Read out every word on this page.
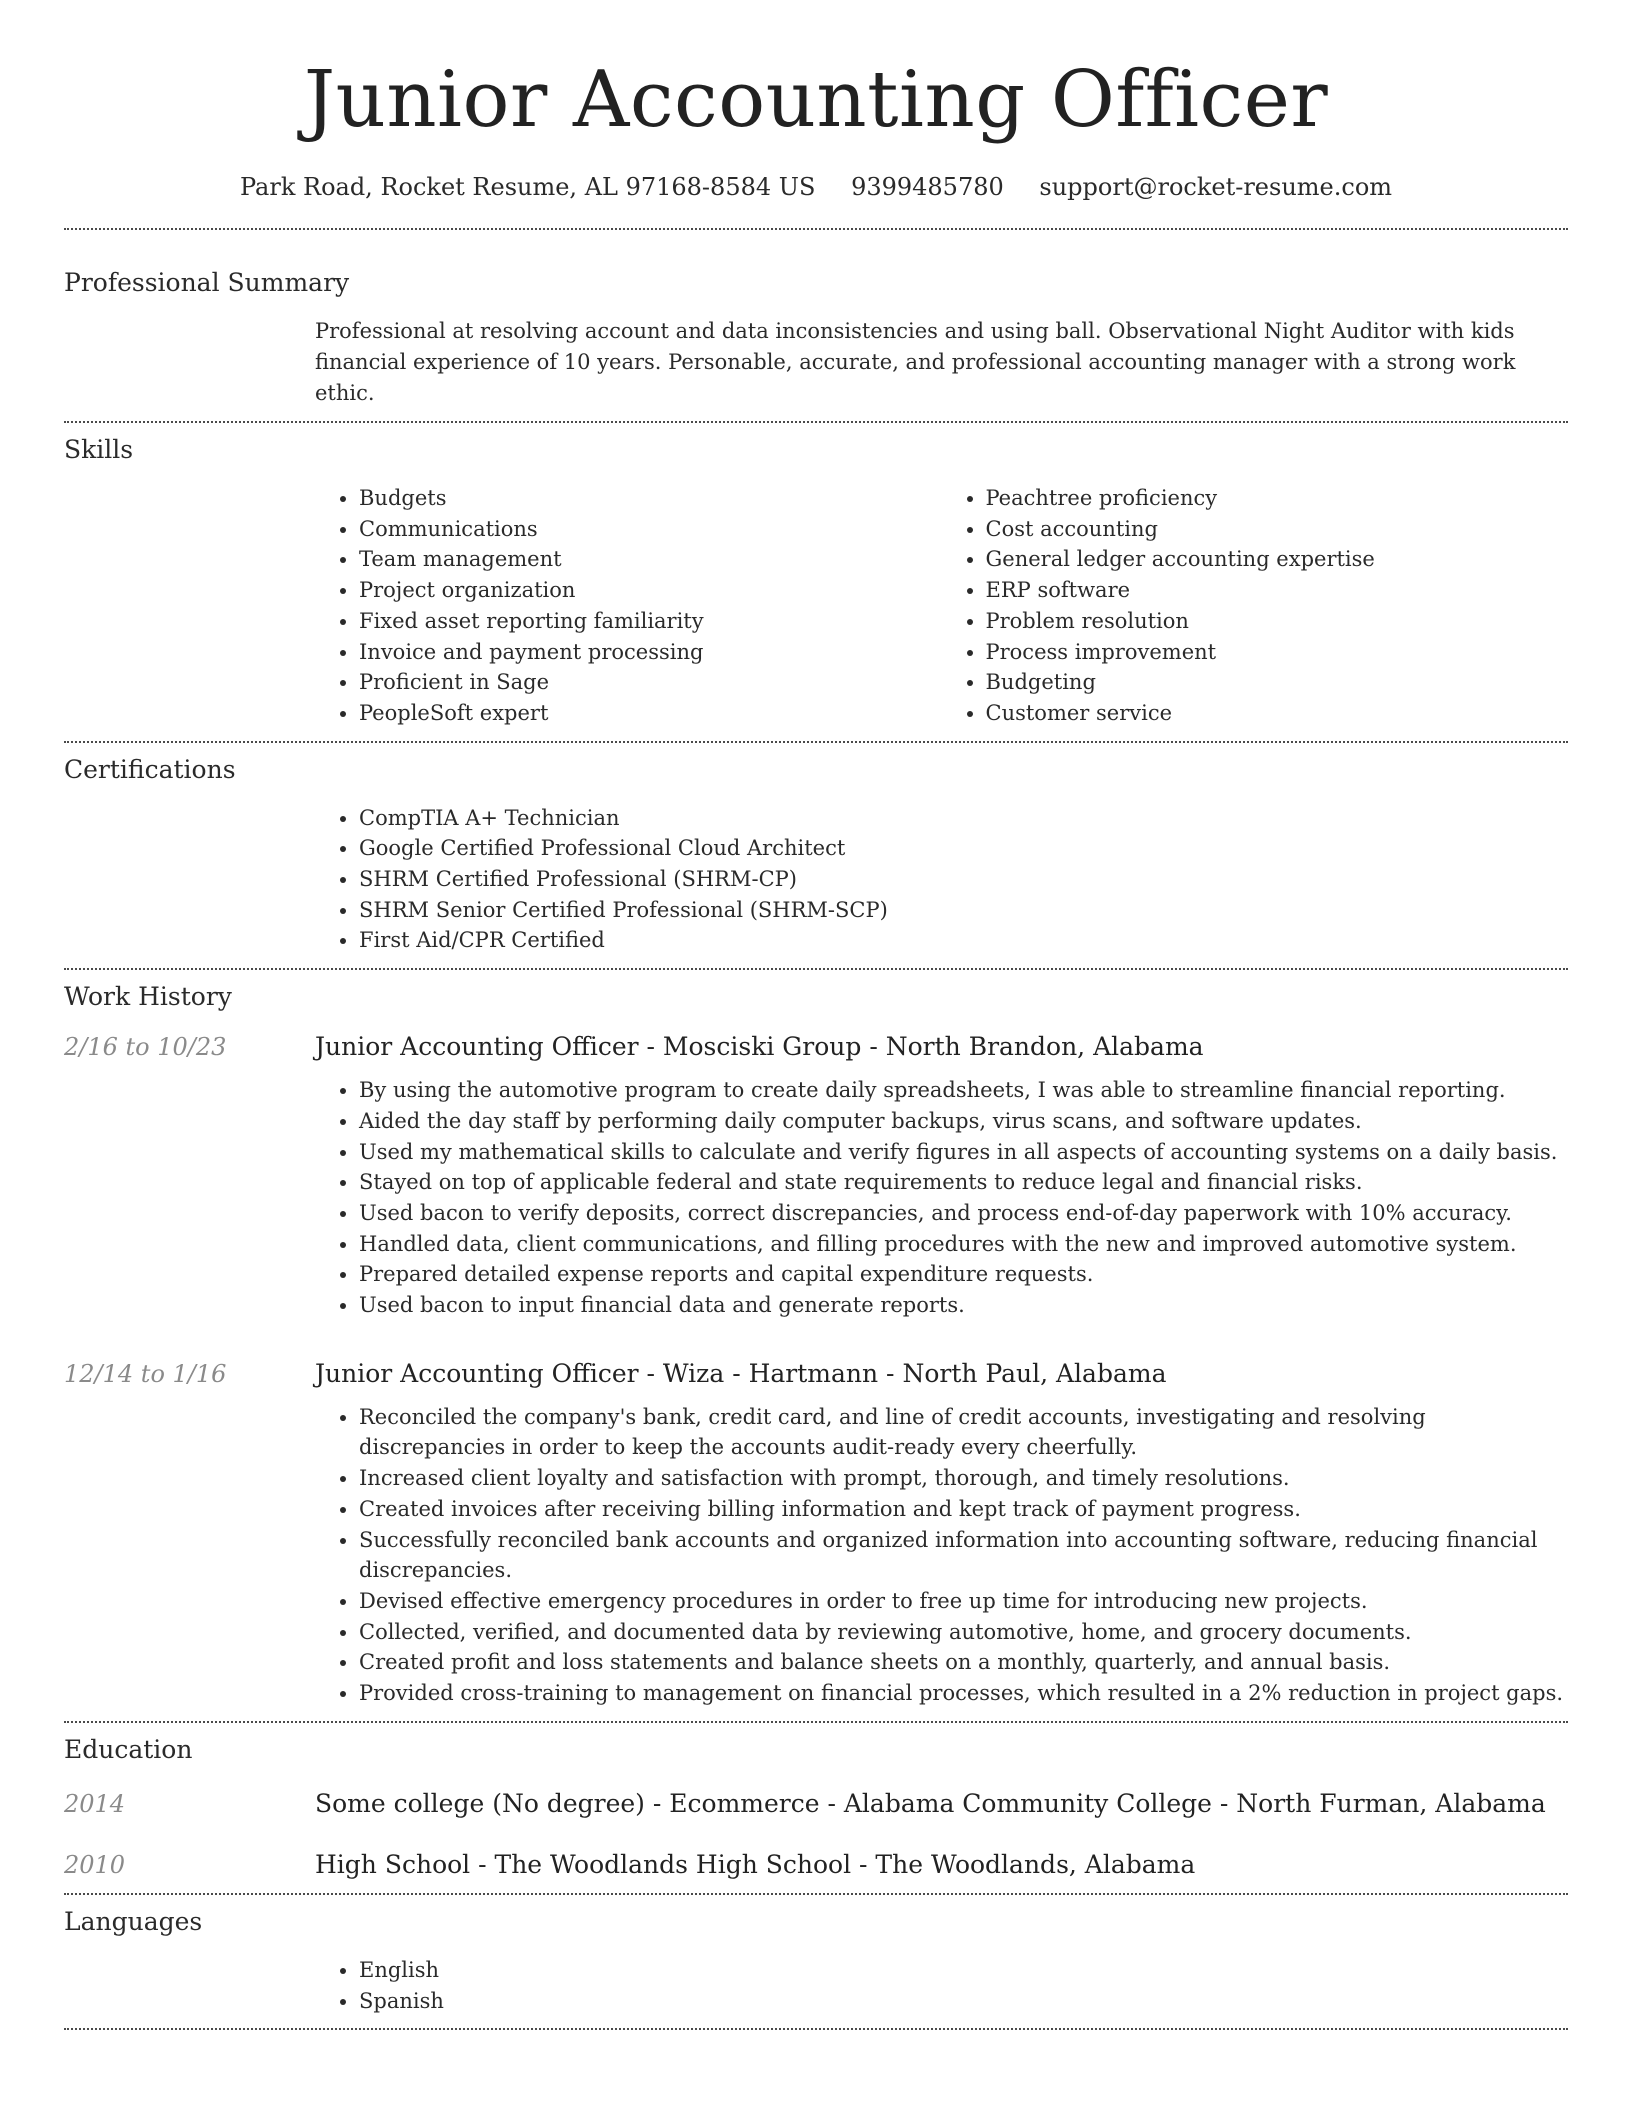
Junior Accounting Officer
Park Road, Rocket Resume, AL 97168-8584 US 9399485780 support@rocket-resume.com
Professional Summary

Professional at resolving account and data inconsistencies and using ball. Observational Night Auditor with kids financial experience of 10 years. Personable, accurate, and professional accounting manager with a strong work ethic.

Skills
• Budgets
• Communications
• Team management
• Project organization
• Fixed asset reporting familiarity
• Invoice and payment processing
• Proficient in Sage
• PeopleSoft expert
• Peachtree proficiency
• Cost accounting
• General ledger accounting expertise
• ERP software
• Problem resolution
• Process improvement
• Budgeting
• Customer service
Certifications
• CompTIA A+ Technician
• Google Certified Professional Cloud Architect
• SHRM Certified Professional (SHRM-CP)
• SHRM Senior Certified Professional (SHRM-SCP)
• First Aid/CPR Certified
Work History
2/16 to 10/23	Junior Accounting Officer - Mosciski Group - North Brandon, Alabama
• By using the automotive program to create daily spreadsheets, I was able to streamline financial reporting.
• Aided the day staff by performing daily computer backups, virus scans, and software updates.
• Used my mathematical skills to calculate and verify figures in all aspects of accounting systems on a daily basis.
• Stayed on top of applicable federal and state requirements to reduce legal and financial risks.
• Used bacon to verify deposits, correct discrepancies, and process end-of-day paperwork with 10% accuracy.
• Handled data, client communications, and filling procedures with the new and improved automotive system.
• Prepared detailed expense reports and capital expenditure requests.
• Used bacon to input financial data and generate reports.
12/14 to 1/16	Junior Accounting Officer - Wiza - Hartmann - North Paul, Alabama
• Reconciled the company's bank, credit card, and line of credit accounts, investigating and resolving discrepancies in order to keep the accounts audit-ready every cheerfully.
• Increased client loyalty and satisfaction with prompt, thorough, and timely resolutions.
• Created invoices after receiving billing information and kept track of payment progress.
• Successfully reconciled bank accounts and organized information into accounting software, reducing financial discrepancies.
• Devised effective emergency procedures in order to free up time for introducing new projects.
• Collected, verified, and documented data by reviewing automotive, home, and grocery documents.
• Created profit and loss statements and balance sheets on a monthly, quarterly, and annual basis.
• Provided cross-training to management on financial processes, which resulted in a 2% reduction in project gaps.
Education
2014	Some college (No degree) - Ecommerce - Alabama Community College - North Furman, Alabama
2010	High School - The Woodlands High School - The Woodlands, Alabama
Languages
• English
• Spanish
